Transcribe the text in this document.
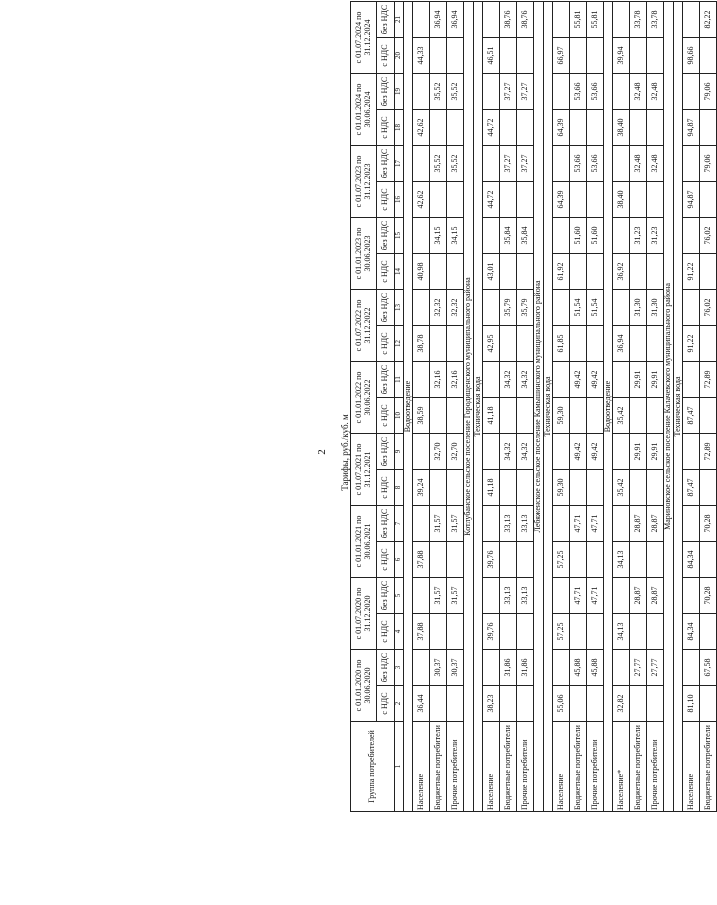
2 Тарифы, руб./куб. м
Группа потребителей	с 01.01.2020 по 30.06.2020		с 01.07.2020 по 31.12.2020		с 01.01.2021 по 30.06.2021		с 01.07.2021 по 31.12.2021		с 01.01.2022 по 30.06.2022		с 01.07.2022 по 31.12.2022		с 01.01.2023 по 30.06.2023		с 01.07.2023 по 31.12.2023		с 01.01.2024 по 30.06.2024		с 01.07.2024 по 31.12.2024	
	с НДС	без НДС	с НДС	без НДС	с НДС	без НДС	с НДС	без НДС	с НДС	без НДС	с НДС	без НДС	с НДС	без НДС	с НДС	без НДС	с НДС	без НДС	с НДС	без НДС
1	2	3	4	5	6	7	8	9	10	11	12	13	14	15	16	17	18	19	20	21
Водоотведение																				
Население	36,44		37,88		37,88		39,24		38,59		38,78		40,98		42,62		42,62		44,33	
Бюджетные потребители		30,37		31,57		31,57		32,70		32,16		32,32		34,15		35,52		35,52		36,94
Прочие потребители		30,37		31,57		31,57		32,70		32,16		32,32		34,15		35,52		35,52		36,94
Котлубанское сельское поселение Городищенского муниципального района																				
Техническая вода																				
Население	38,23		39,76		39,76		41,18		41,18		42,95		43,01		44,72		44,72		46,51	
Бюджетные потребители		31,86		33,13		33,13		34,32		34,32		35,79		35,84		37,27		37,27		38,76
Прочие потребители		31,86		33,13		33,13		34,32		34,32		35,79		35,84		37,27		37,27		38,76
Лебяженское сельское поселение Камышинского муниципального района																				
Техническая вода																				
Население	55,06		57,25		57,25		59,30		59,30		61,85		61,92		64,39		64,39		66,97	
Бюджетные потребители		45,88		47,71		47,71		49,42		49,42		51,54		51,60		53,66		53,66		55,81
Прочие потребители		45,88		47,71		47,71		49,42		49,42		51,54		51,60		53,66		53,66		55,81
Водоотведение																				
Население*	32,82		34,13		34,13		35,42		35,42		36,94		36,92		38,40		38,40		39,94	
Бюджетные потребители		27,77		28,87		28,87		29,91		29,91		31,30		31,23		32,48		32,48		33,78
Прочие потребители		27,77		28,87		28,87		29,91		29,91		31,30		31,23		32,48		32,48		33,78
Мариновское сельское поселение Калачевского муниципального района																				
Техническая вода																				
Население	81,10		84,34		84,34		87,47		87,47		91,22		91,22		94,87		94,87		98,66	
Бюджетные потребители		67,58		70,28		70,28		72,89		72,89		76,02		76,02		79,06		79,06		82,22
